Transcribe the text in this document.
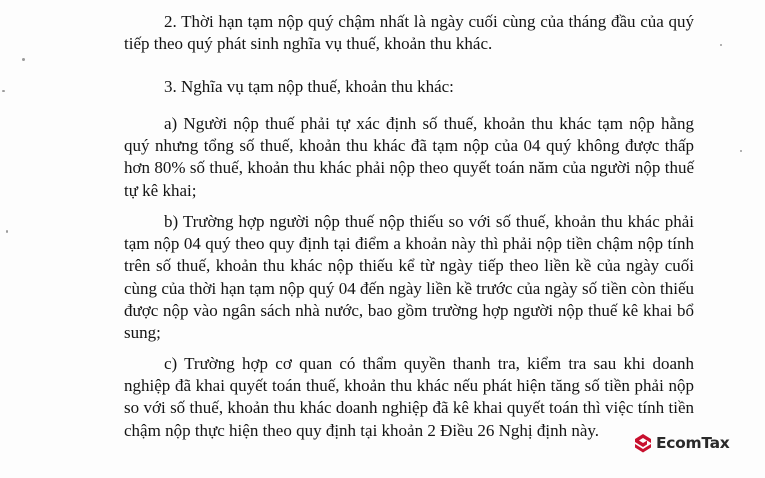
2. Thời hạn tạm nộp quý chậm nhất là ngày cuối cùng của tháng đầu của quý tiếp theo quý phát sinh nghĩa vụ thuế, khoản thu khác.

3. Nghĩa vụ tạm nộp thuế, khoản thu khác:

a) Người nộp thuế phải tự xác định số thuế, khoản thu khác tạm nộp hằng quý nhưng tổng số thuế, khoản thu khác đã tạm nộp của 04 quý không được thấp hơn 80% số thuế, khoản thu khác phải nộp theo quyết toán năm của người nộp thuế tự kê khai;

b) Trường hợp người nộp thuế nộp thiếu so với số thuế, khoản thu khác phải tạm nộp 04 quý theo quy định tại điểm a khoản này thì phải nộp tiền chậm nộp tính trên số thuế, khoản thu khác nộp thiếu kể từ ngày tiếp theo liền kề của ngày cuối cùng của thời hạn tạm nộp quý 04 đến ngày liền kề trước của ngày số tiền còn thiếu được nộp vào ngân sách nhà nước, bao gồm trường hợp người nộp thuế kê khai bổ sung;

c) Trường hợp cơ quan có thẩm quyền thanh tra, kiểm tra sau khi doanh nghiệp đã khai quyết toán thuế, khoản thu khác nếu phát hiện tăng số tiền phải nộp so với số thuế, khoản thu khác doanh nghiệp đã kê khai quyết toán thì việc tính tiền chậm nộp thực hiện theo quy định tại khoản 2 Điều 26 Nghị định này.

EcomTax
